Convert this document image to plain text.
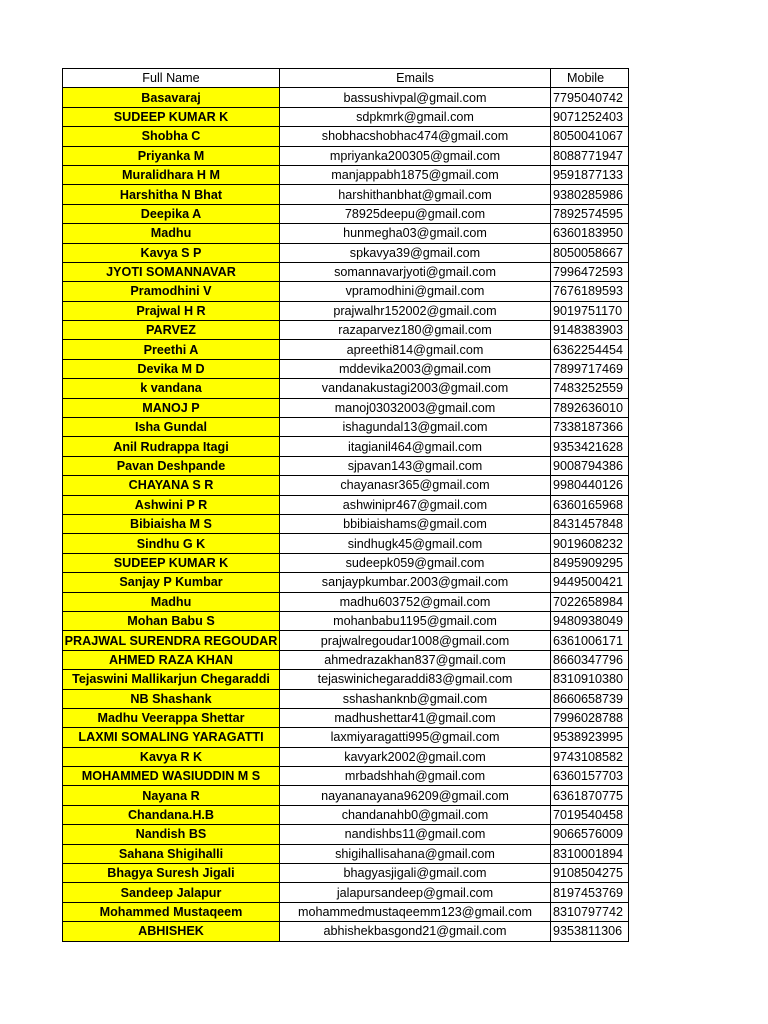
Full Name	Emails	Mobile
Basavaraj	bassushivpal@gmail.com	7795040742
SUDEEP KUMAR K	sdpkmrk@gmail.com	9071252403
Shobha C	shobhacshobhac474@gmail.com	8050041067
Priyanka M	mpriyanka200305@gmail.com	8088771947
Muralidhara H M	manjappabh1875@gmail.com	9591877133
Harshitha N Bhat	harshithanbhat@gmail.com	9380285986
Deepika A	78925deepu@gmail.com	7892574595
Madhu	hunmegha03@gmail.com	6360183950
Kavya S P	spkavya39@gmail.com	8050058667
JYOTI SOMANNAVAR	somannavarjyoti@gmail.com	7996472593
Pramodhini V	vpramodhini@gmail.com	7676189593
Prajwal H R	prajwalhr152002@gmail.com	9019751170
PARVEZ	razaparvez180@gmail.com	9148383903
Preethi A	apreethi814@gmail.com	6362254454
Devika M D	mddevika2003@gmail.com	7899717469
k vandana	vandanakustagi2003@gmail.com	7483252559
MANOJ P	manoj03032003@gmail.com	7892636010
Isha Gundal	ishagundal13@gmail.com	7338187366
Anil Rudrappa Itagi	itagianil464@gmail.com	9353421628
Pavan Deshpande	sjpavan143@gmail.com	9008794386
CHAYANA S R	chayanasr365@gmail.com	9980440126
Ashwini P R	ashwinipr467@gmail.com	6360165968
Bibiaisha M S	bbibiaishams@gmail.com	8431457848
Sindhu G K	sindhugk45@gmail.com	9019608232
SUDEEP KUMAR K	sudeepk059@gmail.com	8495909295
Sanjay P Kumbar	sanjaypkumbar.2003@gmail.com	9449500421
Madhu	madhu603752@gmail.com	7022658984
Mohan Babu S	mohanbabu1195@gmail.com	9480938049
PRAJWAL SURENDRA REGOUDAR	prajwalregoudar1008@gmail.com	6361006171
AHMED RAZA KHAN	ahmedrazakhan837@gmail.com	8660347796
Tejaswini Mallikarjun Chegaraddi	tejaswinichegaraddi83@gmail.com	8310910380
NB Shashank	sshashanknb@gmail.com	8660658739
Madhu Veerappa Shettar	madhushettar41@gmail.com	7996028788
LAXMI SOMALING YARAGATTI	laxmiyaragatti995@gmail.com	9538923995
Kavya R K	kavyark2002@gmail.com	9743108582
MOHAMMED WASIUDDIN M S	mrbadshhah@gmail.com	6360157703
Nayana R	nayananayana96209@gmail.com	6361870775
Chandana.H.B	chandanahb0@gmail.com	7019540458
Nandish BS	nandishbs11@gmail.com	9066576009
Sahana Shigihalli	shigihallisahana@gmail.com	8310001894
Bhagya Suresh Jigali	bhagyasjigali@gmail.com	9108504275
Sandeep Jalapur	jalapursandeep@gmail.com	8197453769
Mohammed Mustaqeem	mohammedmustaqeemm123@gmail.com	8310797742
ABHISHEK	abhishekbasgond21@gmail.com	9353811306
